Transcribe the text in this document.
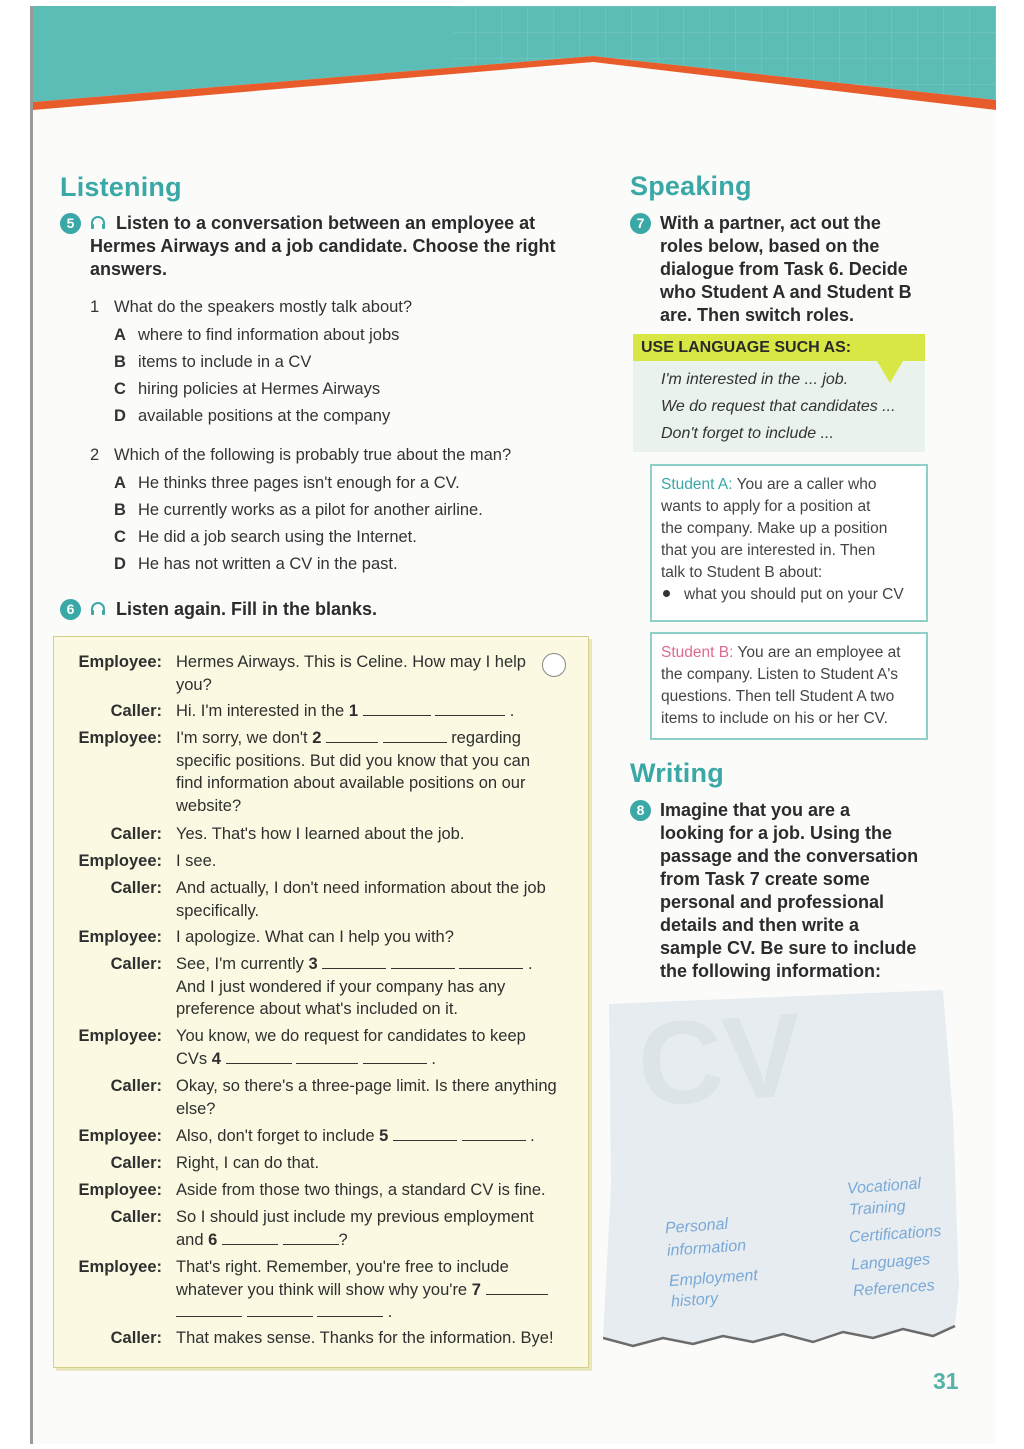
Listening
5	Listen to a conversation between an employee at Hermes Airways and a job candidate. Choose the right answers.
1 What do the speakers mostly talk about?
A where to find information about jobs
B items to include in a CV
C hiring policies at Hermes Airways
D available positions at the company
2 Which of the following is probably true about the man?
A He thinks three pages isn't enough for a CV.
B He currently works as a pilot for another airline.
C He did a job search using the Internet.
D He has not written a CV in the past.
6 Listen again. Fill in the blanks.
Employee: Hermes Airways. This is Celine. How may I help
you?
Caller: Hi. I'm interested in the 1	.
Employee: I'm sorry, we don't 2	regarding
specific positions. But did you know that you can
find information about available positions on our
website?
Caller: Yes. That's how I learned about the job.
Employee: I see.
Caller: And actually, I don't need information about the job
specifically.
Employee: I apologize. What can I help you with?
Caller: See, I'm currently 3	.
And I just wondered if your company has any
preference about what's included on it.
Employee: You know, we do request for candidates to keep
CVs 4	.
Caller: Okay, so there's a three-page limit. Is there anything
else?
Employee: Also, don't forget to include 5	.
Caller: Right, I can do that.
Employee: Aside from those two things, a standard CV is fine.
Caller: So I should just include my previous employment
and 6	?
Employee: That's right. Remember, you're free to include
whatever you think will show why you're 7
.
Caller: That makes sense. Thanks for the information. Bye!
Speaking
7 With a partner, act out the
roles below, based on the
dialogue from Task 6. Decide
who Student A and Student B
are. Then switch roles.
USE LANGUAGE SUCH AS:
I'm interested in the ... job.
We do request that candidates ...
Don't forget to include ...
Student A: You are a caller who
wants to apply for a position at
the company. Make up a position
that you are interested in. Then
talk to Student B about:
what you should put on your CV
Student B: You are an employee at
the company. Listen to Student A's
questions. Then tell Student A two
items to include on his or her CV.
Writing
8 Imagine that you are a
looking for a job. Using the
passage and the conversation
from Task 7 create some
personal and professional
details and then write a
sample CV. Be sure to include
the following information:
CV
Personal
information
Employment
history
Vocational
Training
Certifications
Languages
References
31
